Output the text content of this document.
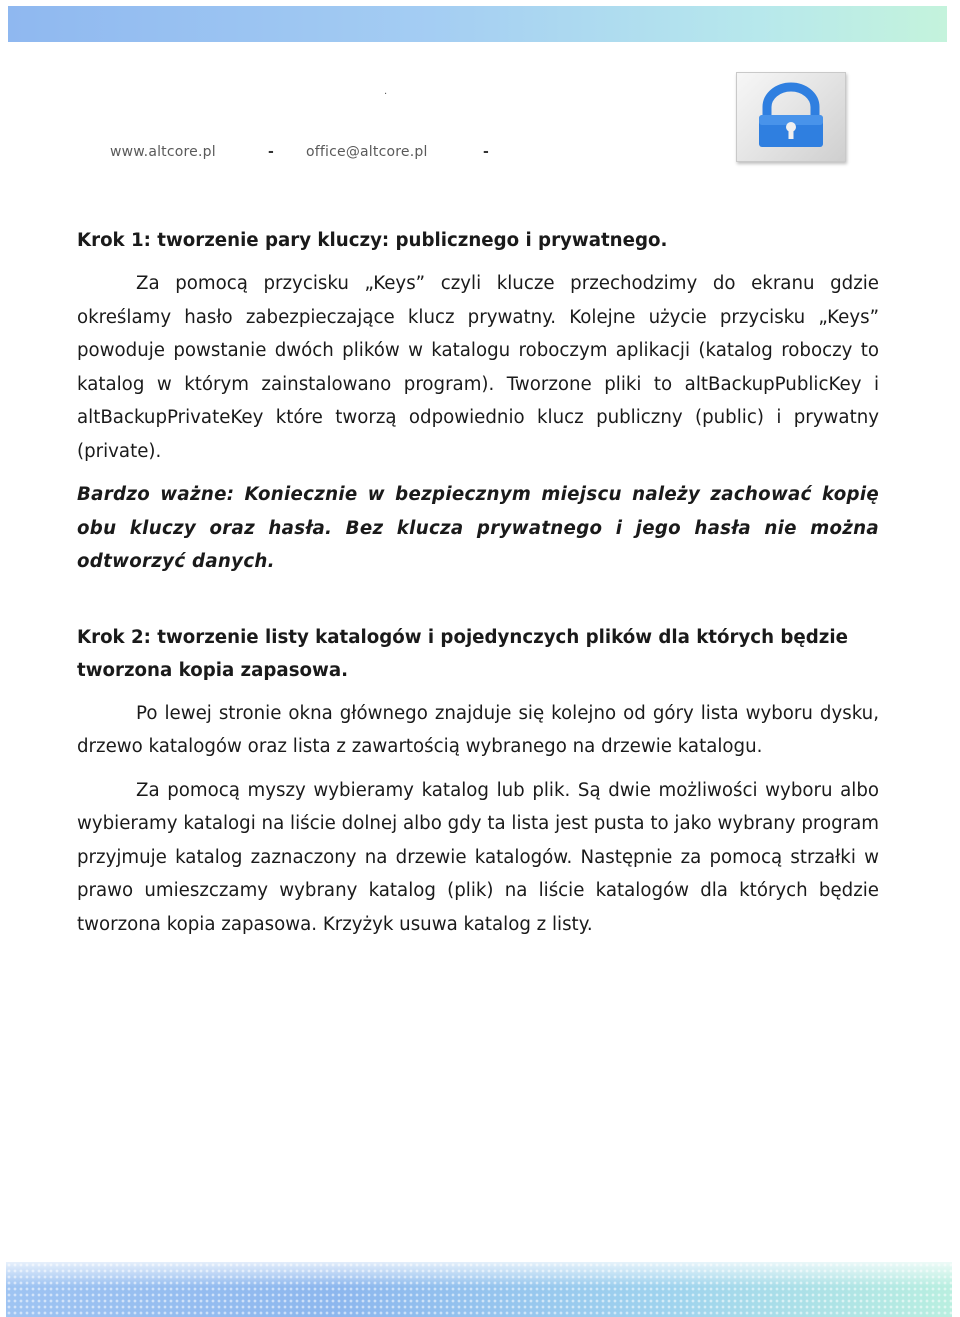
.
www.altcore.pl	- office@altcore.pl	-

Krok 1: tworzenie pary kluczy: publicznego i prywatnego.

Za pomocą przycisku „Keys” czyli klucze przechodzimy do ekranu gdzie określamy hasło zabezpieczające klucz prywatny. Kolejne użycie przycisku „Keys” powoduje powstanie dwóch plików w katalogu roboczym aplikacji (katalog roboczy to katalog w którym zainstalowano program). Tworzone pliki to altBackupPublicKey i altBackupPrivateKey które tworzą odpowiednio klucz publiczny (public) i prywatny (private).

Bardzo ważne: Koniecznie w bezpiecznym miejscu należy zachować kopię obu kluczy oraz hasła. Bez klucza prywatnego i jego hasła nie można odtworzyć danych.

Krok 2: tworzenie listy katalogów i pojedynczych plików dla których będzie tworzona kopia zapasowa.

Po lewej stronie okna głównego znajduje się kolejno od góry lista wyboru dysku, drzewo katalogów oraz lista z zawartością wybranego na drzewie katalogu.

Za pomocą myszy wybieramy katalog lub plik. Są dwie możliwości wyboru albo wybieramy katalogi na liście dolnej albo gdy ta lista jest pusta to jako wybrany program przyjmuje katalog zaznaczony na drzewie katalogów. Następnie za pomocą strzałki w prawo umieszczamy wybrany katalog (plik) na liście katalogów dla których będzie tworzona kopia zapasowa. Krzyżyk usuwa katalog z listy.
